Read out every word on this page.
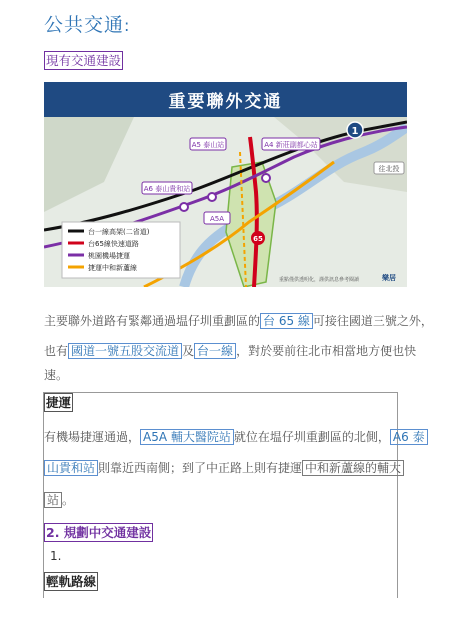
公共交通:
現有交通建設
重要聯外交通
1
65
A5 泰山站	A4 新莊副都心站
A6 泰山貴和站
A5A
往北投
台一線高架(二省道)
台65線快速道路
桃園機場捷運
捷運中和新蘆線
重點僅供透明化，謹供訊息參考閱讀	樂居
主要聯外道路有緊鄰通過塭仔圳重劃區的 台 65 線 可接往國道三號之外，
也有 國道一號五股交流道 及 台一線 ，對於要前往北市相當地方便也快
速。
捷運
有機場捷運通過， A5A 輔大醫院站 就位在塭仔圳重劃區的北側， A6 泰
山貴和站 則靠近西南側；到了中正路上則有捷運 中和新蘆線的輔大
站 。
2. 規劃中交通建設
1.
輕軌路線
